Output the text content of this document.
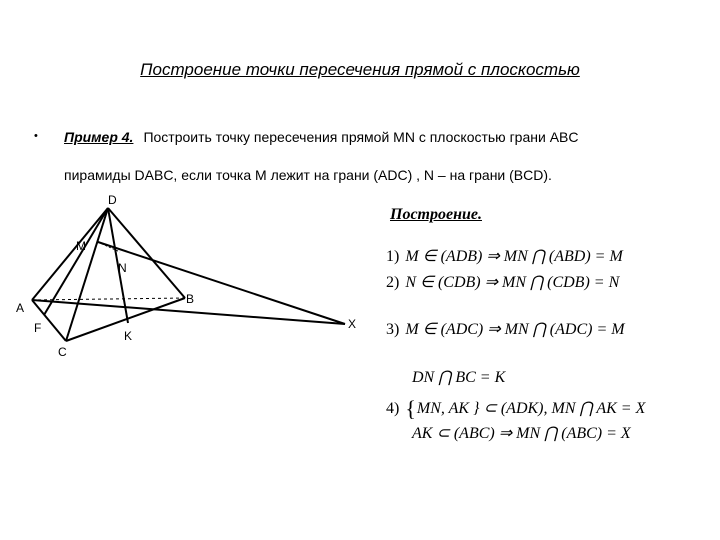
Построение точки пересечения прямой с плоскостью
• Пример 4. Построить точку пересечения прямой MN с плоскостью грани ABC
пирамиды DABC, если точка M лежит на грани (ADC) , N – на грани (BCD).
D
M
N
A
B
F
K
C
X
Построение.
1) M ∈ (ADB) ⇒ MN ⋂ (ABD) = M
2) N ∈ (CDB) ⇒ MN ⋂ (CDB) = N
3) M ∈ (ADC) ⇒ MN ⋂ (ADC) = M
DN ⋂ BC = K
4) {MN, AK } ⊂ (ADK), MN ⋂ AK = X
AK ⊂ (ABC) ⇒ MN ⋂ (ABC) = X
